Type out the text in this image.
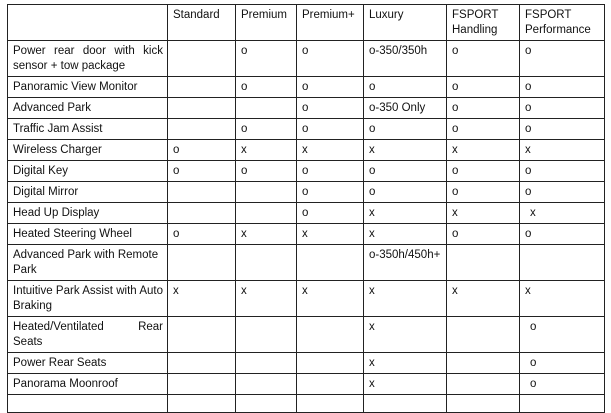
	Standard	Premium	Premium+	Luxury	FSPORT Handling	FSPORT Performance
Power rear door with kick sensor + tow package		o	o	o-350/350h	o	o
Panoramic View Monitor		o	o	o	o	o
Advanced Park			o	o-350 Only	o	o
Traffic Jam Assist		o	o	o	o	o
Wireless Charger	o	x	x	x	x	x
Digital Key	o	o	o	o	o	o
Digital Mirror			o	o	o	o
Head Up Display			o	x	x	x
Heated Steering Wheel	o	x	x	x	o	o
Advanced Park with Remote Park				o-350h/450h+		
Intuitive Park Assist with Auto Braking	x	x	x	x	x	x
Heated/Ventilated Rear Seats				x		o
Power Rear Seats				x		o
Panorama Moonroof				x		o
